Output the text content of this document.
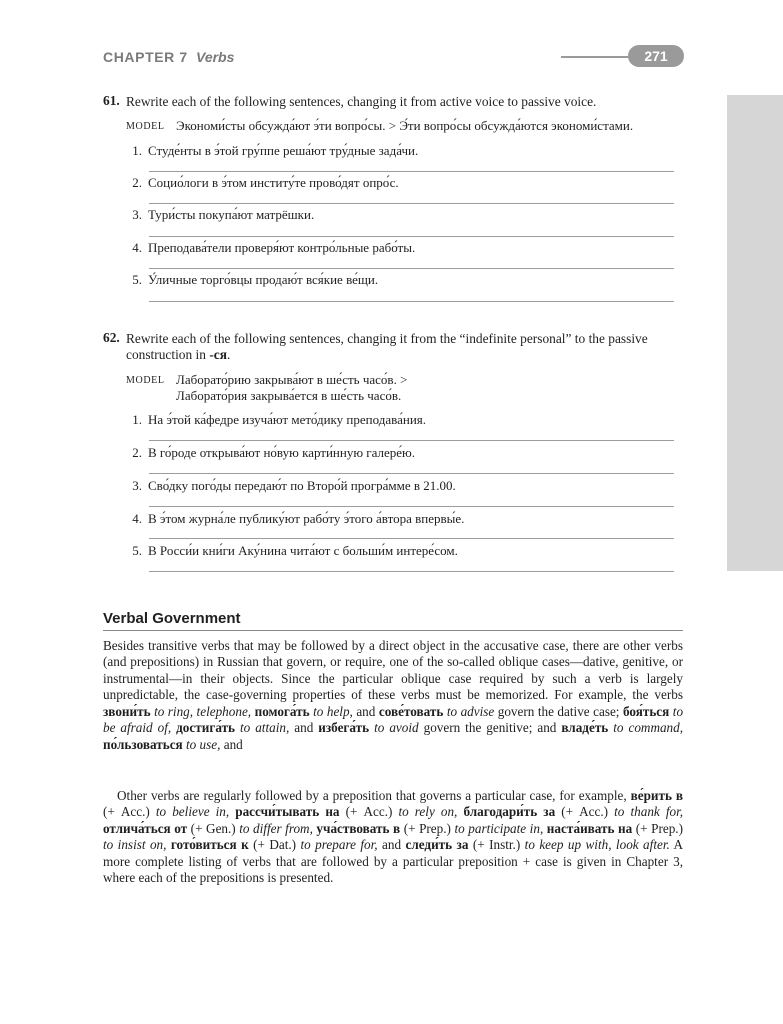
CHAPTER 7 Verbs	271
61. Rewrite each of the following sentences, changing it from active voice to passive voice.
MODEL Экономи́сты обсужда́ют э́ти вопро́сы. > Э́ти вопро́сы обсужда́ются экономи́стами.
1. Студе́нты в э́той гру́ппе реша́ют тру́дные зада́чи.
2. Социо́логи в э́том институ́те прово́дят опро́с.
3. Тури́сты покупа́ют матрёшки.
4. Преподава́тели проверя́ют контро́льные рабо́ты.
5. У́личные торго́вцы продаю́т вся́кие ве́щи.
62. Rewrite each of the following sentences, changing it from the “indefinite personal” to the passive
construction in -ся.
MODEL Лаборато́рию закрыва́ют в ше́сть часо́в. >
Лаборато́рия закрыва́ется в ше́сть часо́в.
1. На э́той ка́федре изуча́ют мето́дику преподава́ния.
2. В го́роде открыва́ют но́вую карти́нную галере́ю.
3. Сво́дку пого́ды передаю́т по Второ́й програ́мме в 21.00.
4. В э́том журна́ле публику́ют рабо́ту э́того а́втора впервы́е.
5. В Росси́и кни́ги Аку́нина чита́ют с больши́м интере́сом.
Verbal Government

Besides transitive verbs that may be followed by a direct object in the accusative case, there are other verbs (and prepositions) in Russian that govern, or require, one of the so-called oblique cases—dative, genitive, or instrumental—in their objects. Since the particular oblique case required by such a verb is largely unpredictable, the case-governing properties of these verbs must be memorized. For example, the verbs звони́ть to ring, telephone, помога́ть to help, and сове́товать to advise govern the dative case; боя́ться to be afraid of, достига́ть to attain, and избега́ть to avoid govern the genitive; and владе́ть to command, по́льзоваться to use, and

Other verbs are regularly followed by a preposition that governs a particular case, for example, ве́рить в (+ Acc.) to believe in, рассчи́тывать на (+ Acc.) to rely on, благодари́ть за (+ Acc.) to thank for, отлича́ться от (+ Gen.) to differ from, уча́ствовать в (+ Prep.) to participate in, наста́ивать на (+ Prep.) to insist on, гото́виться к (+ Dat.) to prepare for, and следи́ть за (+ Instr.) to keep up with, look after. A more complete listing of verbs that are followed by a particular preposition + case is given in Chapter 3, where each of the prepositions is presented.
